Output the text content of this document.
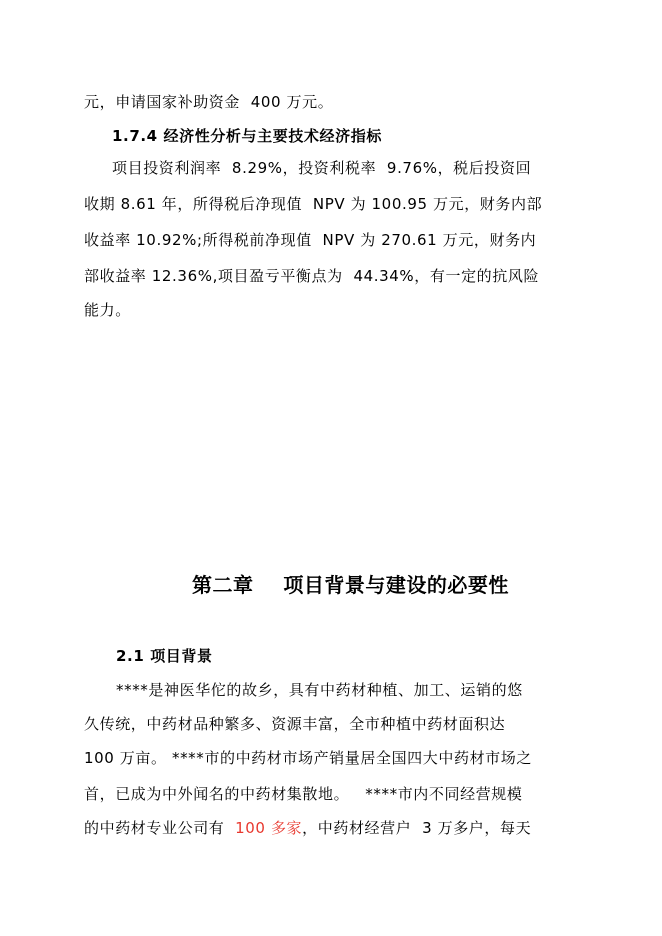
元，申请国家补助资金  400 万元。
1.7.4 经济性分析与主要技术经济指标
项目投资利润率  8.29%，投资利税率  9.76%，税后投资回
收期 8.61 年，所得税后净现值  NPV 为 100.95 万元，财务内部
收益率 10.92%;所得税前净现值  NPV 为 270.61 万元，财务内
部收益率 12.36%,项目盈亏平衡点为  44.34%，有一定的抗风险
能力。
第二章    项目背景与建设的必要性
2.1 项目背景
****是神医华佗的故乡，具有中药材种植、加工、运销的悠
久传统，中药材品种繁多、资源丰富，全市种植中药材面积达
100 万亩。 ****市的中药材市场产销量居全国四大中药材市场之
首，已成为中外闻名的中药材集散地。   ****市内不同经营规模
的中药材专业公司有  100 多家，中药材经营户  3 万多户，每天
